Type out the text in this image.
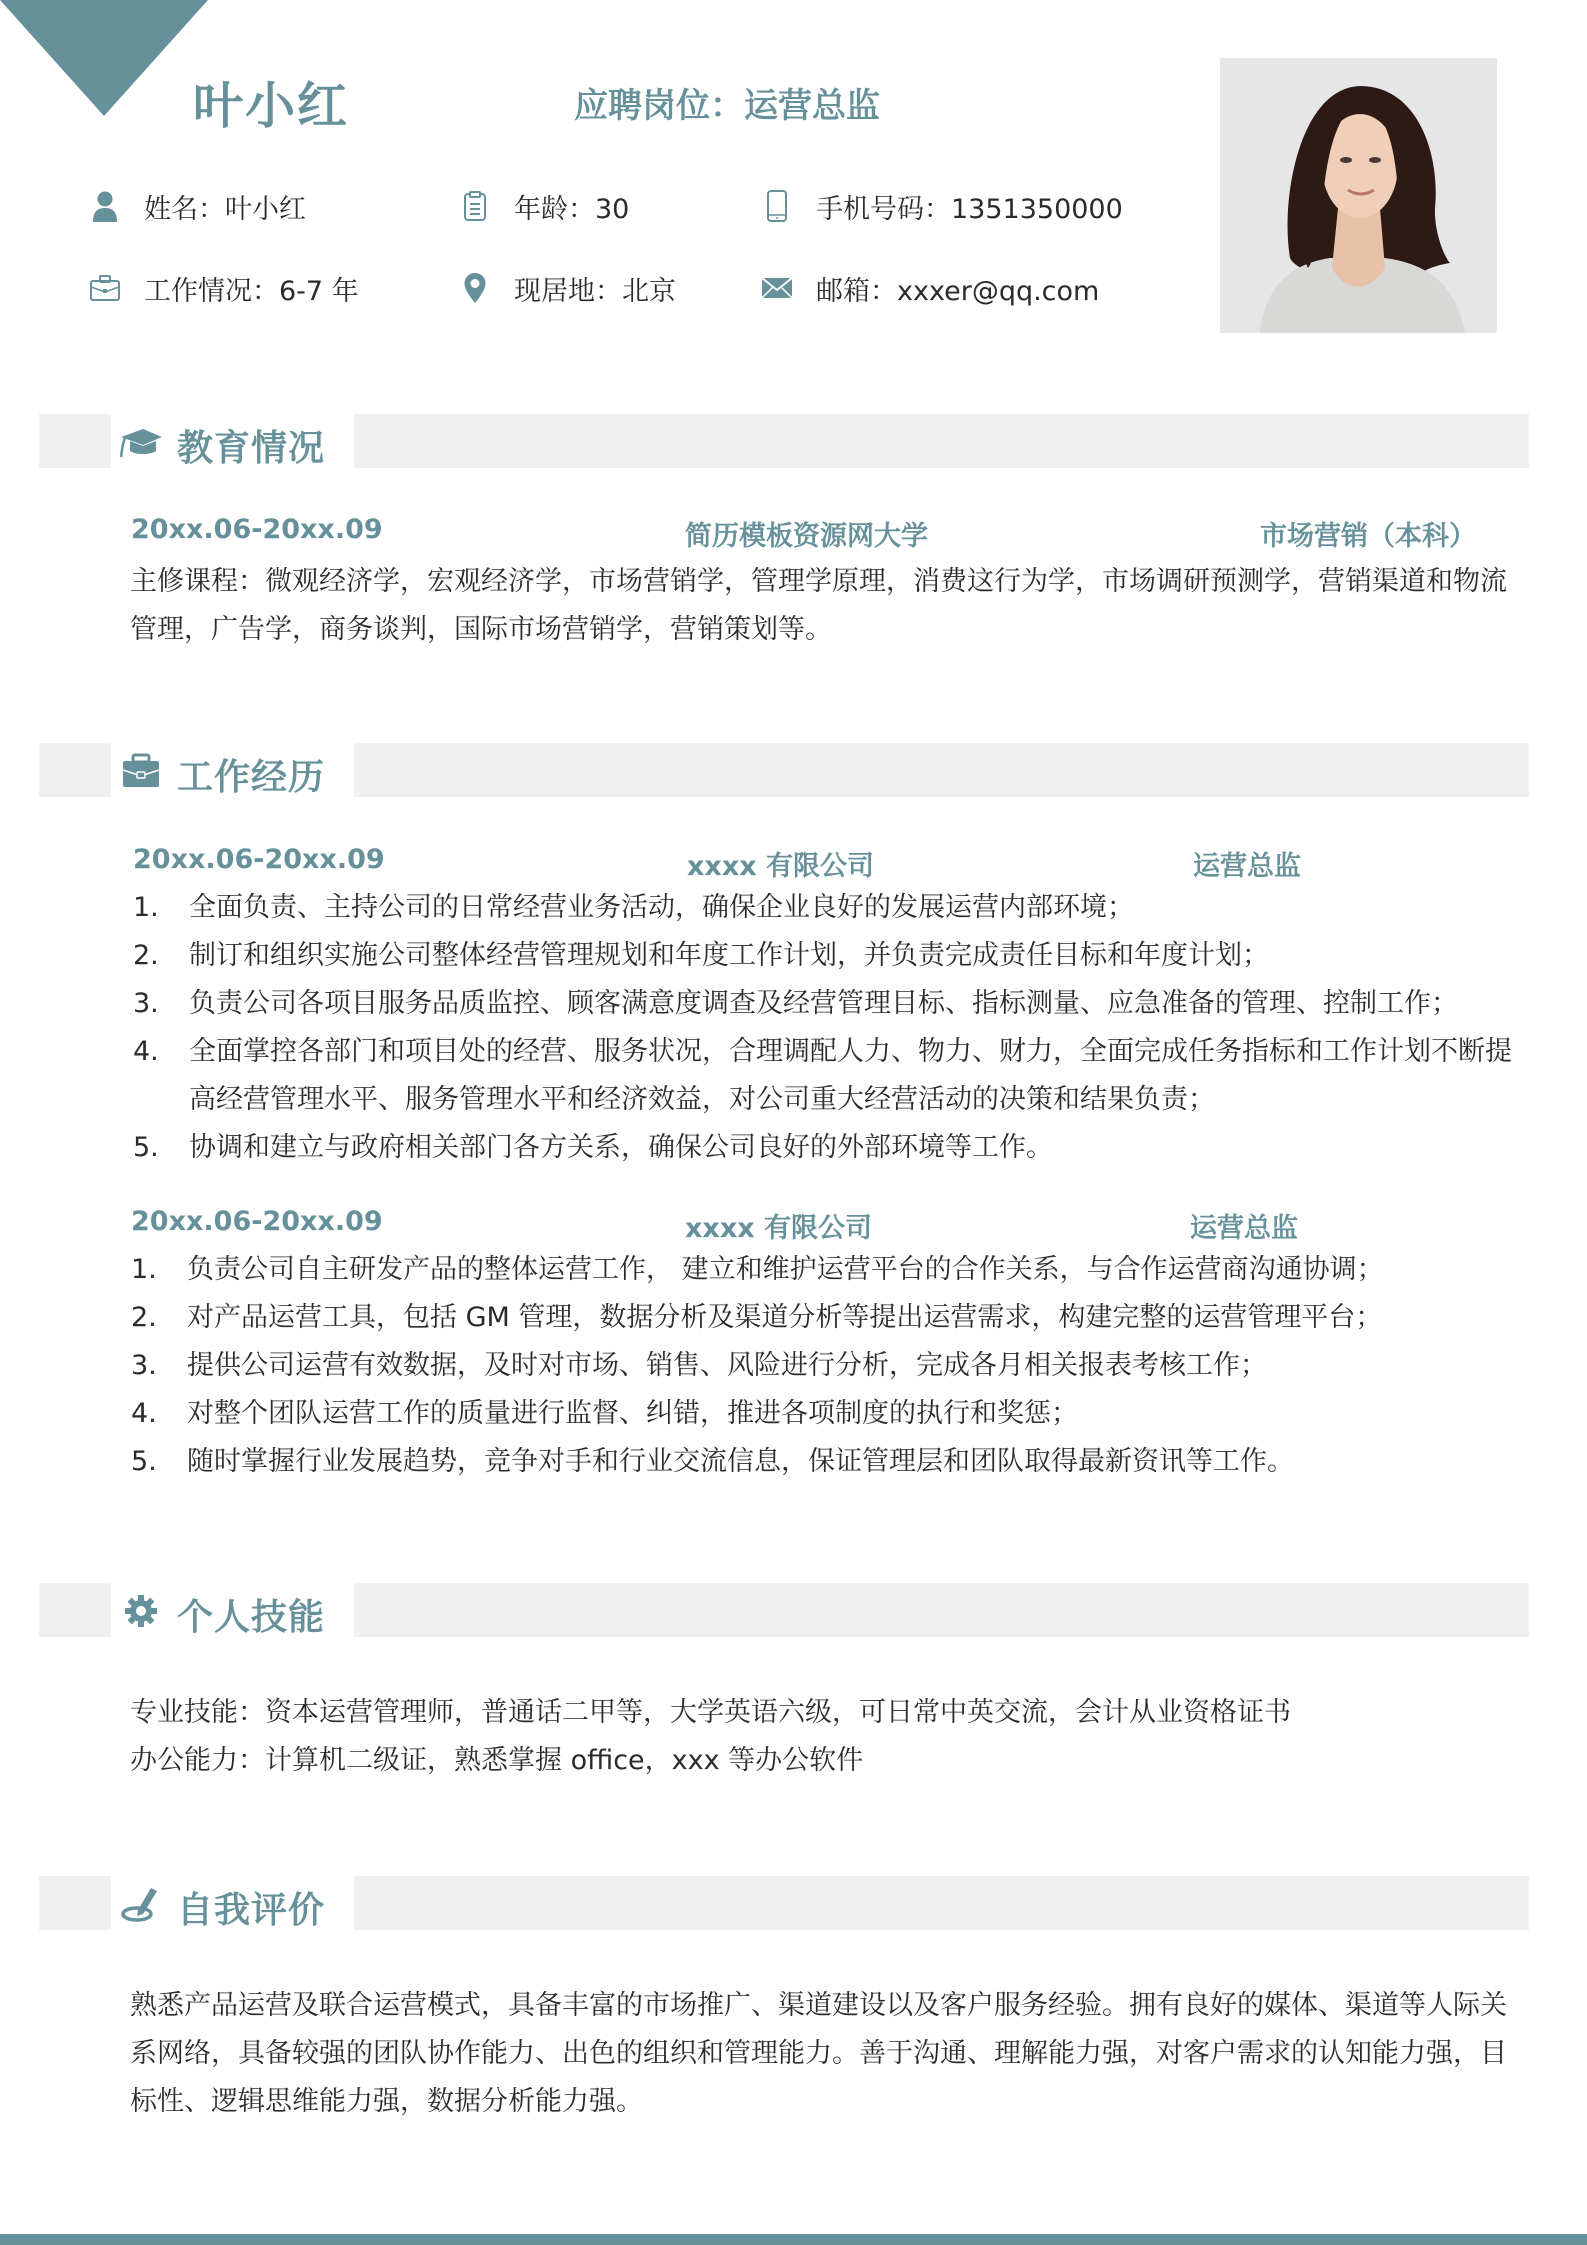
叶小红	应聘岗位：运营总监
姓名：叶小红	年龄：30	手机号码：1351350000
工作情况：6-7 年	现居地：北京	邮箱：xxxer@qq.com
教育情况
20xx.06-20xx.09	简历模板资源网大学	市场营销（本科）
主修课程：微观经济学，宏观经济学，市场营销学，管理学原理，消费这行为学，市场调研预测学，营销渠道和物流管理，广告学，商务谈判，国际市场营销学，营销策划等。
工作经历
20xx.06-20xx.09	xxxx 有限公司	运营总监
1. 全面负责、主持公司的日常经营业务活动，确保企业良好的发展运营内部环境；
2. 制订和组织实施公司整体经营管理规划和年度工作计划，并负责完成责任目标和年度计划；
3. 负责公司各项目服务品质监控、顾客满意度调查及经营管理目标、指标测量、应急准备的管理、控制工作；
4. 全面掌控各部门和项目处的经营、服务状况，合理调配人力、物力、财力，全面完成任务指标和工作计划不断提高经营管理水平、服务管理水平和经济效益，对公司重大经营活动的决策和结果负责；
5. 协调和建立与政府相关部门各方关系，确保公司良好的外部环境等工作。
20xx.06-20xx.09	xxxx 有限公司	运营总监
1. 负责公司自主研发产品的整体运营工作， 建立和维护运营平台的合作关系，与合作运营商沟通协调；
2. 对产品运营工具，包括 GM 管理，数据分析及渠道分析等提出运营需求，构建完整的运营管理平台；
3. 提供公司运营有效数据，及时对市场、销售、风险进行分析，完成各月相关报表考核工作；
4. 对整个团队运营工作的质量进行监督、纠错，推进各项制度的执行和奖惩；
5. 随时掌握行业发展趋势，竞争对手和行业交流信息，保证管理层和团队取得最新资讯等工作。
个人技能
专业技能：资本运营管理师，普通话二甲等，大学英语六级，可日常中英交流，会计从业资格证书
办公能力：计算机二级证，熟悉掌握 office，xxx 等办公软件
自我评价
熟悉产品运营及联合运营模式，具备丰富的市场推广、渠道建设以及客户服务经验。拥有良好的媒体、渠道等人际关系网络，具备较强的团队协作能力、出色的组织和管理能力。善于沟通、理解能力强，对客户需求的认知能力强，目标性、逻辑思维能力强，数据分析能力强。
